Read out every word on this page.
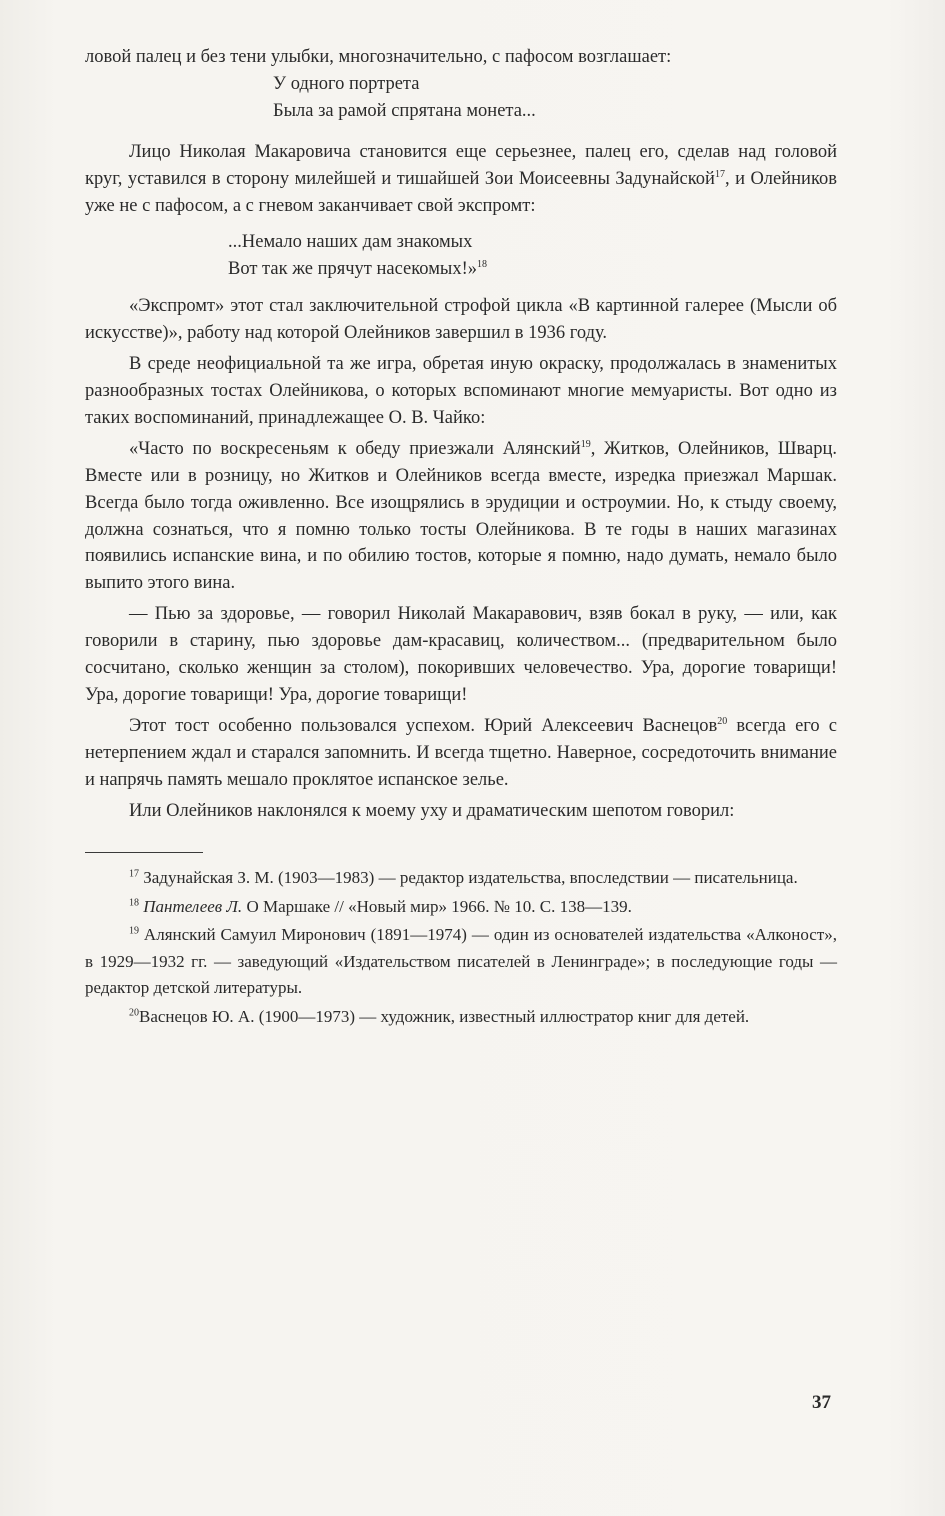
ловой палец и без тени улыбки, многозначительно, с пафосом возглашает:

У одного портрета
Была за рамой спрятана монета...

Лицо Николая Макаровича становится еще серьезнее, палец его, сделав над головой круг, уставился в сторону милейшей и тишайшей Зои Моисеевны Задунайской$^{17}$, и Олейников уже не с пафосом, а с гневом заканчивает свой экспромт:

...Немало наших дам знакомых
Вот так же прячут насекомых!»$^{18}$

«Экспромт» этот стал заключительной строфой цикла «В картинной галерее (Мысли об искусстве)», работу над которой Олейников завершил в 1936 году.

В среде неофициальной та же игра, обретая иную окраску, продолжалась в знаменитых разнообразных тостах Олейникова, о которых вспоминают многие мемуаристы. Вот одно из таких воспоминаний, принадлежащее О. В. Чайко:

«Часто по воскресеньям к обеду приезжали Алянский$^{19}$, Житков, Олейников, Шварц. Вместе или в розницу, но Житков и Олейников всегда вместе, изредка приезжал Маршак. Всегда было тогда оживленно. Все изощрялись в эрудиции и остроумии. Но, к стыду своему, должна сознаться, что я помню только тосты Олейникова. В те годы в наших магазинах появились испанские вина, и по обилию тостов, которые я помню, надо думать, немало было выпито этого вина.

— Пью за здоровье, — говорил Николай Макаравович, взяв бокал в руку, — или, как говорили в старину, пью здоровье дам-красавиц, количеством... (предварительном было сосчитано, сколько женщин за столом), покоривших человечество. Ура, дорогие товарищи! Ура, дорогие товарищи! Ура, дорогие товарищи!

Этот тост особенно пользовался успехом. Юрий Алексеевич Васнецов$^{20}$ всегда его с нетерпением ждал и старался запомнить. И всегда тщетно. Наверное, сосредоточить внимание и напрячь память мешало проклятое испанское зелье.

Или Олейников наклонялся к моему уху и драматическим шепотом говорил:

$^{17}$ Задунайская З. М. (1903—1983) — редактор издательства, впоследствии — писательница.

$^{18}$ Пантелеев Л. О Маршаке // «Новый мир» 1966. № 10. С. 138—139.

$^{19}$ Алянский Самуил Миронович (1891—1974) — один из основателей издательства «Алконост», в 1929—1932 гг. — заведующий «Издательством писателей в Ленинграде»; в последующие годы — редактор детской литературы.

$^{20}$Васнецов Ю. А. (1900—1973) — художник, известный иллюстратор книг для детей.

37
